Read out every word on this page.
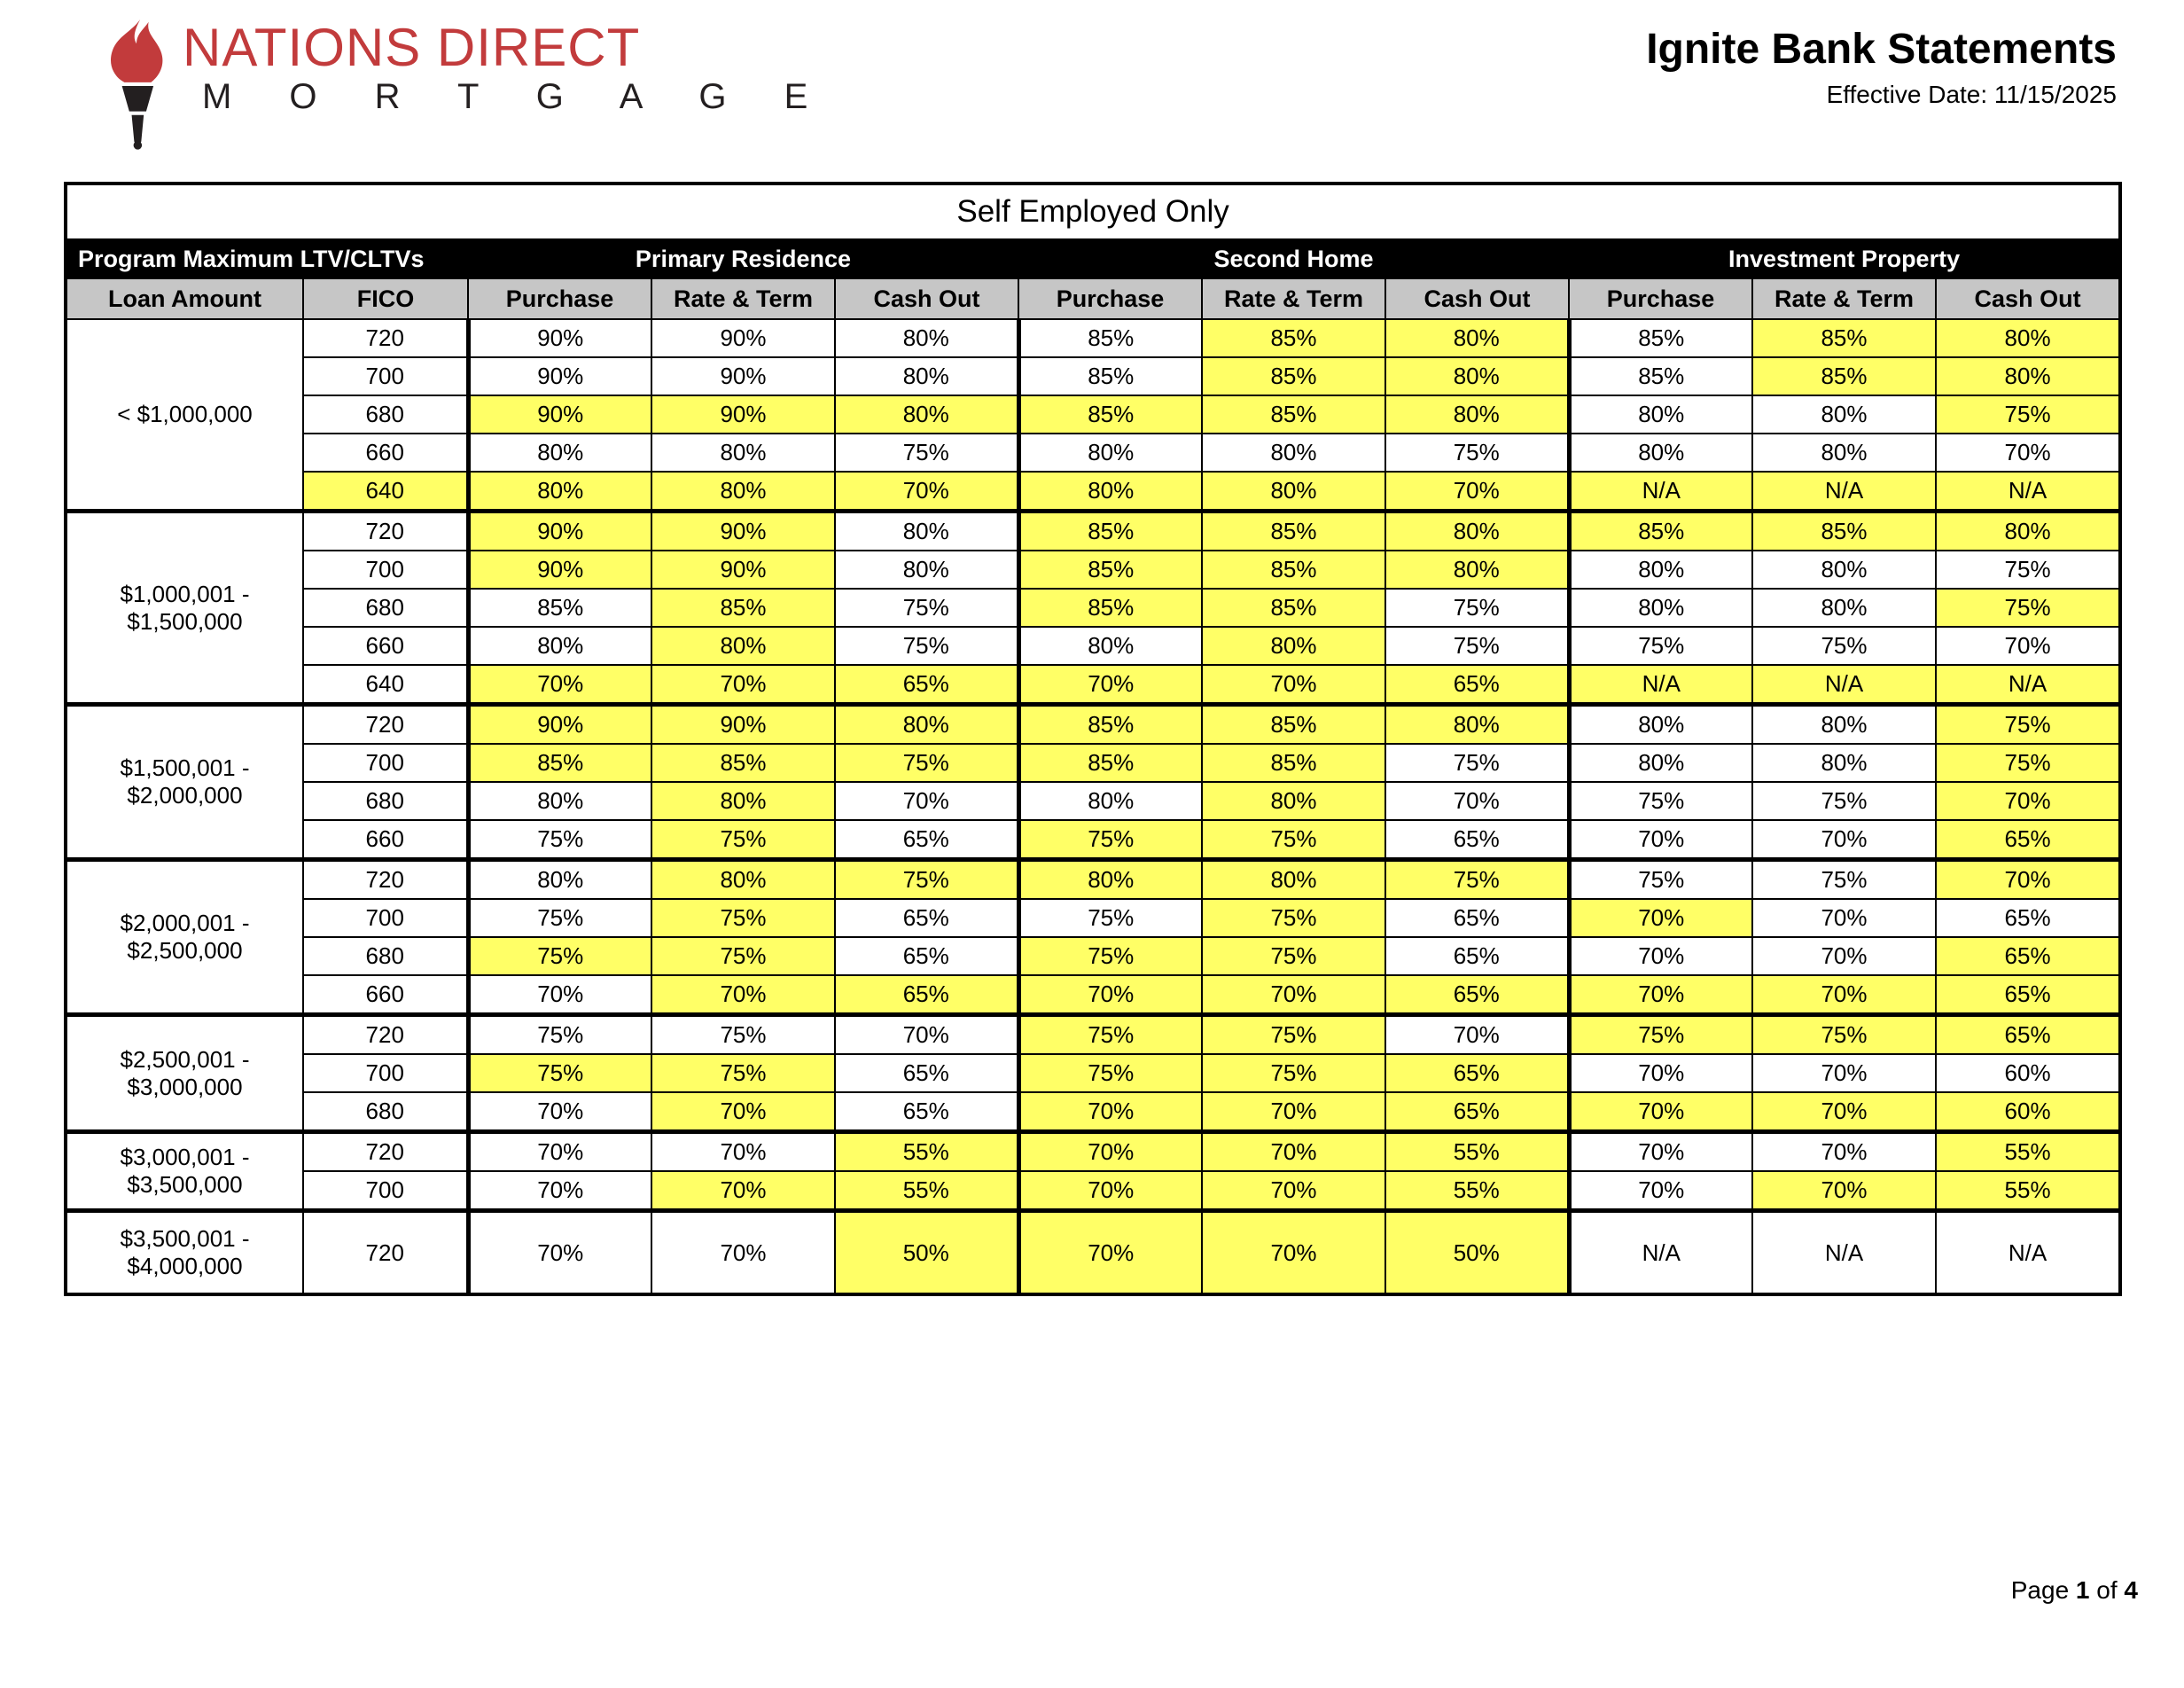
NATIONS DIRECT
M O R T G A G E
Ignite Bank Statements
Effective Date: 11/15/2025
Self Employed Only										
Program Maximum LTV/CLTVs		Primary Residence			Second Home			Investment Property		
Loan Amount	FICO	Purchase	Rate & Term	Cash Out	Purchase	Rate & Term	Cash Out	Purchase	Rate & Term	Cash Out
< $1,000,000	720	90%	90%	80%	85%	85%	80%	85%	85%	80%
	700	90%	90%	80%	85%	85%	80%	85%	85%	80%
	680	90%	90%	80%	85%	85%	80%	80%	80%	75%
	660	80%	80%	75%	80%	80%	75%	80%	80%	70%
	640	80%	80%	70%	80%	80%	70%	N/A	N/A	N/A
$1,000,001 - $1,500,000	720	90%	90%	80%	85%	85%	80%	85%	85%	80%
	700	90%	90%	80%	85%	85%	80%	80%	80%	75%
	680	85%	85%	75%	85%	85%	75%	80%	80%	75%
	660	80%	80%	75%	80%	80%	75%	75%	75%	70%
	640	70%	70%	65%	70%	70%	65%	N/A	N/A	N/A
$1,500,001 - $2,000,000	720	90%	90%	80%	85%	85%	80%	80%	80%	75%
	700	85%	85%	75%	85%	85%	75%	80%	80%	75%
	680	80%	80%	70%	80%	80%	70%	75%	75%	70%
	660	75%	75%	65%	75%	75%	65%	70%	70%	65%
$2,000,001 - $2,500,000	720	80%	80%	75%	80%	80%	75%	75%	75%	70%
	700	75%	75%	65%	75%	75%	65%	70%	70%	65%
	680	75%	75%	65%	75%	75%	65%	70%	70%	65%
	660	70%	70%	65%	70%	70%	65%	70%	70%	65%
$2,500,001 - $3,000,000	720	75%	75%	70%	75%	75%	70%	75%	75%	65%
	700	75%	75%	65%	75%	75%	65%	70%	70%	60%
	680	70%	70%	65%	70%	70%	65%	70%	70%	60%
$3,000,001 - $3,500,000	720	70%	70%	55%	70%	70%	55%	70%	70%	55%
	700	70%	70%	55%	70%	70%	55%	70%	70%	55%
$3,500,001 - $4,000,000	720	70%	70%	50%	70%	70%	50%	N/A	N/A	N/A
Page 1 of 4
